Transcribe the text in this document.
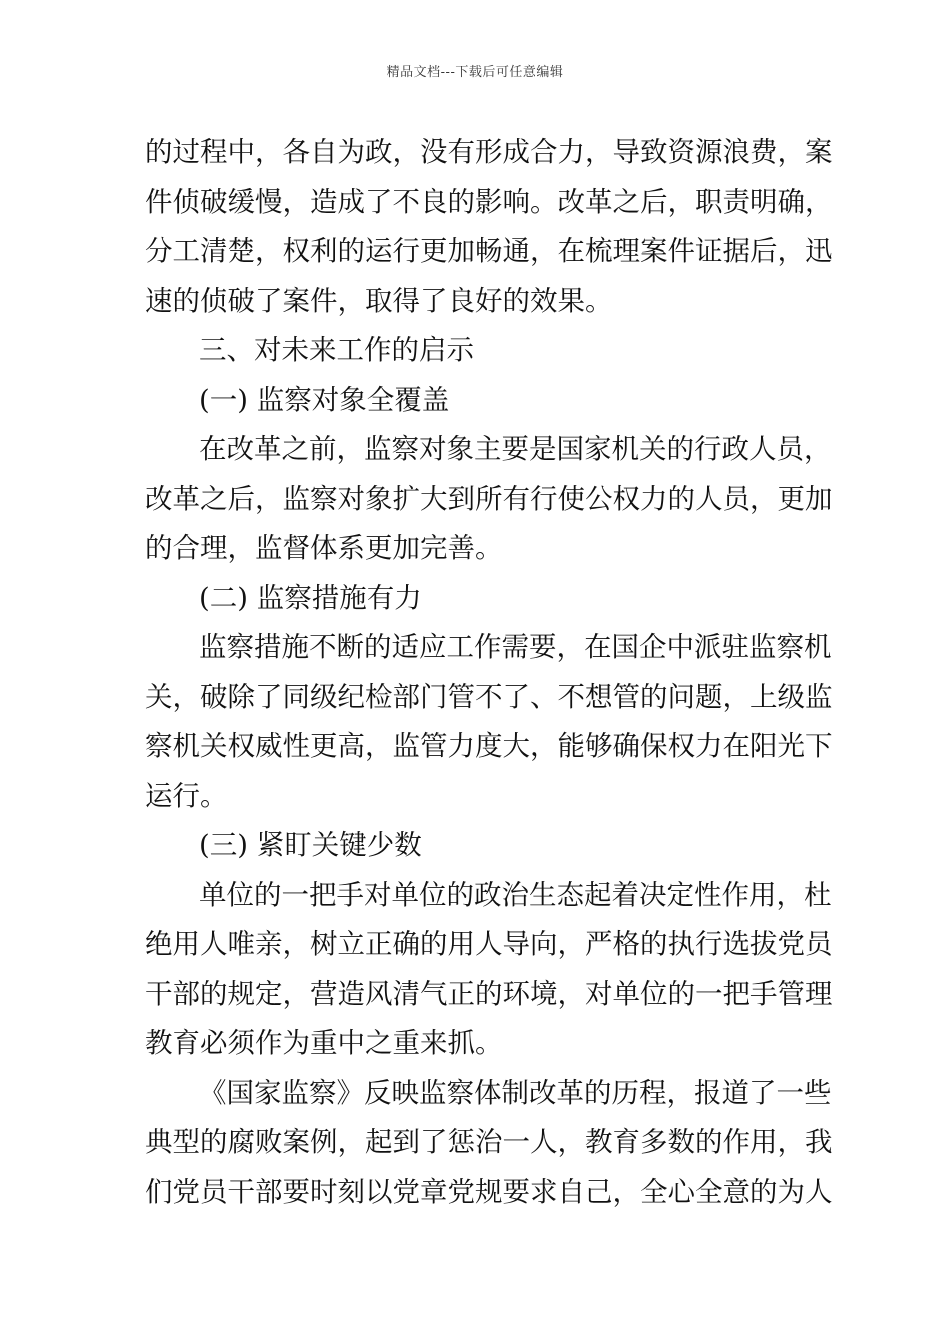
精品文档---下载后可任意编辑
的过程中，各自为政，没有形成合力，导致资源浪费，案
件侦破缓慢，造成了不良的影响。改革之后，职责明确，
分工清楚，权利的运行更加畅通，在梳理案件证据后，迅
速的侦破了案件，取得了良好的效果。
三、对未来工作的启示
(一) 监察对象全覆盖
在改革之前，监察对象主要是国家机关的行政人员，
改革之后，监察对象扩大到所有行使公权力的人员，更加
的合理，监督体系更加完善。
(二) 监察措施有力
监察措施不断的适应工作需要，在国企中派驻监察机
关，破除了同级纪检部门管不了、不想管的问题，上级监
察机关权威性更高，监管力度大，能够确保权力在阳光下
运行。
(三) 紧盯关键少数
单位的一把手对单位的政治生态起着决定性作用，杜
绝用人唯亲，树立正确的用人导向，严格的执行选拔党员
干部的规定，营造风清气正的环境，对单位的一把手管理
教育必须作为重中之重来抓。
《国家监察》反映监察体制改革的历程，报道了一些
典型的腐败案例，起到了惩治一人，教育多数的作用，我
们党员干部要时刻以党章党规要求自己，全心全意的为人
